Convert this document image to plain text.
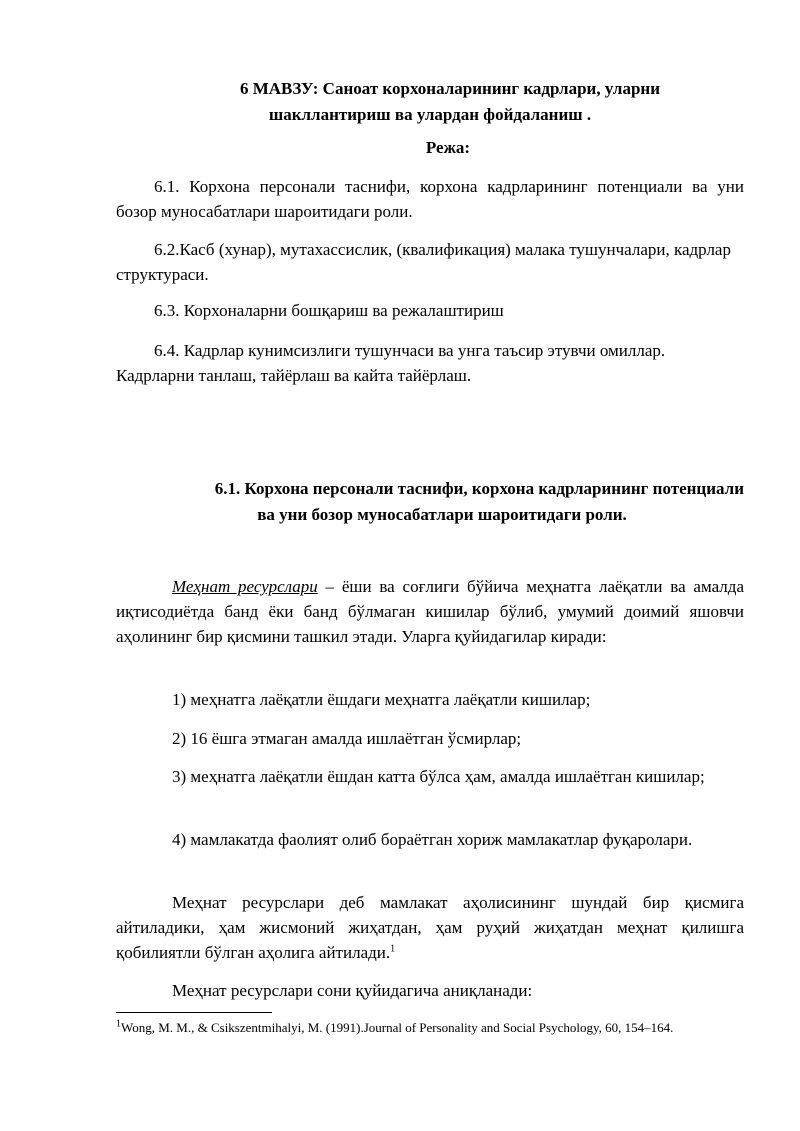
6 МАВЗУ: Саноат корхоналарининг кадрлари, уларни
шакллантириш ва улардан фойдаланиш .
Режа:
6.1. Корхона персонали таснифи, корхона кадрларининг потенциали ва уни бозор муносабатлари шароитидаги роли.
6.2.Касб (хунар), мутахассислик, (квалификация) малака тушунчалари, кадрлар структураси.
6.3. Корхоналарни бошқариш ва режалаштириш
6.4. Кадрлар кунимсизлиги тушунчаси ва унга таъсир этувчи омиллар. Кадрларни танлаш, тайёрлаш ва кайта тайёрлаш.
6.1. Корхона персонали таснифи, корхона кадрларининг потенциали
ва уни бозор муносабатлари шароитидаги роли.
Меҳнат ресурслари – ёши ва соғлиги бўйича меҳнатга лаёқатли ва амалда иқтисодиётда банд ёки банд бўлмаган кишилар бўлиб, умумий доимий яшовчи аҳолининг бир қисмини ташкил этади. Уларга қуйидагилар киради:
1) меҳнатга лаёқатли ёшдаги меҳнатга лаёқатли кишилар;
2) 16 ёшга этмаган амалда ишлаётган ўсмирлар;
3) меҳнатга лаёқатли ёшдан катта бўлса ҳам, амалда ишлаётган кишилар;
4) мамлакатда фаолият олиб бораётган хориж мамлакатлар фуқаролари.
Меҳнат ресурслари деб мамлакат аҳолисининг шундай бир қисмига айтиладики, ҳам жисмоний жиҳатдан, ҳам руҳий жиҳатдан меҳнат қилишга қобилиятли бўлган аҳолига айтилади.$^1$
Меҳнат ресурслари сони қуйидагича аниқланади:
$^1$Wong, M. M., & Csikszentmihalyi, M. (1991).Journal of Personality and Social Psychology, 60, 154–164.
